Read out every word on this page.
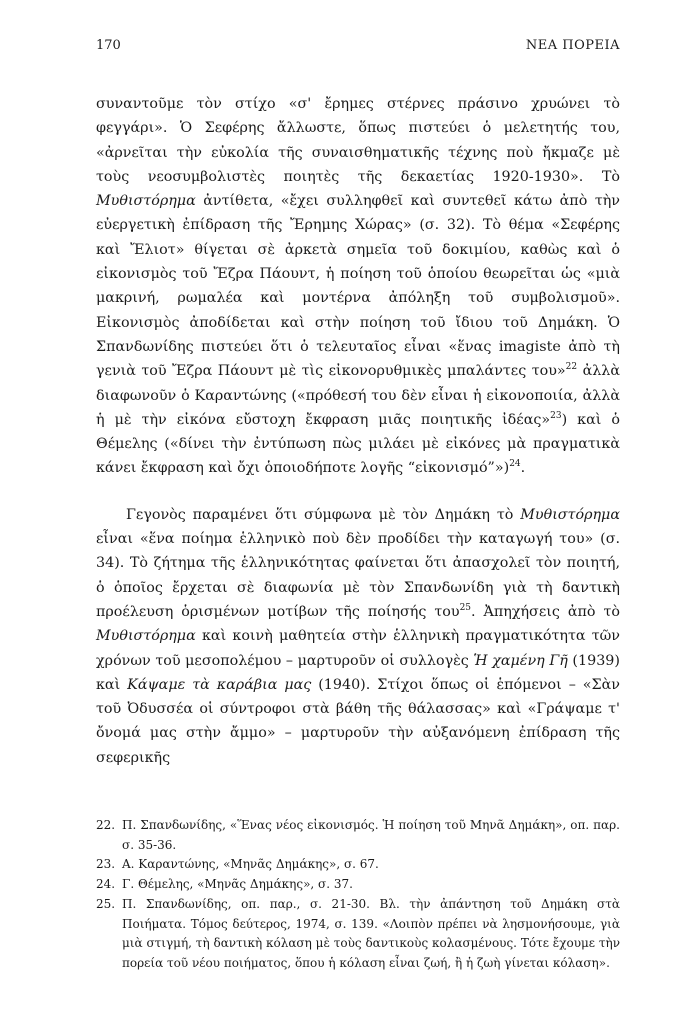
170	ΝΕΑ ΠΟΡΕΙΑ

συναντοῦμε τὸν στίχο «σ' ἔρημες στέρνες πράσινο χρυώνει τὸ φεγγάρι». Ὁ Σεφέρης ἄλλωστε, ὅπως πιστεύει ὁ μελετητής του, «ἀρνεῖται τὴν εὐκολία τῆς συναισθηματικῆς τέχνης ποὺ ἤκμαζε μὲ τοὺς νεοσυμβολιστὲς ποιητὲς τῆς δεκαετίας 1920-1930». Τὸ Μυθιστόρημα ἀντίθετα, «ἔχει συλληφθεῖ καὶ συντεθεῖ κάτω ἀπὸ τὴν εὐεργετικὴ ἐπίδραση τῆς Ἔρημης Χώρας» (σ. 32). Τὸ θέμα «Σεφέρης καὶ Ἔλιοτ» θίγεται σὲ ἀρκετὰ σημεῖα τοῦ δοκιμίου, καθὼς καὶ ὁ εἰκονισμὸς τοῦ Ἔζρα Πάουντ, ἡ ποίηση τοῦ ὁποίου θεωρεῖται ὡς «μιὰ μακρινή, ρωμαλέα καὶ μοντέρνα ἀπόληξη τοῦ συμβολισμοῦ». Εἰκονισμὸς ἀποδίδεται καὶ στὴν ποίηση τοῦ ἴδιου τοῦ Δημάκη. Ὁ Σπανδωνίδης πιστεύει ὅτι ὁ τελευταῖος εἶναι «ἕνας imagiste ἀπὸ τὴ γενιὰ τοῦ Ἔζρα Πάουντ μὲ τὶς εἰκονορυθμικὲς μπαλάντες του»$^{22}$ ἀλλὰ διαφωνοῦν ὁ Καραντώνης («πρόθεσή του δὲν εἶναι ἡ εἰκονοποιία, ἀλλὰ ἡ μὲ τὴν εἰκόνα εὔστοχη ἔκφραση μιᾶς ποιητικῆς ἰδέας»$^{23}$) καὶ ὁ Θέμελης («δίνει τὴν ἐντύπωση πὼς μιλάει μὲ εἰκόνες μὰ πραγματικὰ κάνει ἔκφραση καὶ ὄχι ὁποιοδήποτε λογῆς “εἰκονισμό”»)$^{24}$.

Γεγονὸς παραμένει ὅτι σύμφωνα μὲ τὸν Δημάκη τὸ Μυθιστόρημα εἶναι «ἕνα ποίημα ἑλληνικὸ ποὺ δὲν προδίδει τὴν καταγωγή του» (σ. 34). Τὸ ζήτημα τῆς ἑλληνικότητας φαίνεται ὅτι ἀπασχολεῖ τὸν ποιητή, ὁ ὁποῖος ἔρχεται σὲ διαφωνία μὲ τὸν Σπανδωνίδη γιὰ τὴ δαντικὴ προέλευση ὁρισμένων μοτίβων τῆς ποίησής του$^{25}$. Ἀπηχήσεις ἀπὸ τὸ Μυθιστόρημα καὶ κοινὴ μαθητεία στὴν ἑλληνικὴ πραγματικότητα τῶν χρόνων τοῦ μεσοπολέμου – μαρτυροῦν οἱ συλλογὲς Ἡ χαμένη Γῆ (1939) καὶ Κάψαμε τὰ καράβια μας (1940). Στίχοι ὅπως οἱ ἑπόμενοι – «Σὰν τοῦ Ὀδυσσέα οἱ σύντροφοι στὰ βάθη τῆς θάλασσας» καὶ «Γράψαμε τ' ὄνομά μας στὴν ἄμμο» – μαρτυροῦν τὴν αὐξανόμενη ἐπίδραση τῆς σεφερικῆς

22. Π. Σπανδωνίδης, «Ἕνας νέος εἰκονισμός. Ἡ ποίηση τοῦ Μηνᾶ Δημάκη», οπ. παρ. σ. 35-36.
23. Α. Καραντώνης, «Μηνᾶς Δημάκης», σ. 67.
24. Γ. Θέμελης, «Μηνᾶς Δημάκης», σ. 37.
25. Π. Σπανδωνίδης, οπ. παρ., σ. 21-30. Βλ. τὴν ἀπάντηση τοῦ Δημάκη στὰ Ποιήματα. Τόμος δεύτερος, 1974, σ. 139. «Λοιπὸν πρέπει νὰ λησμονήσουμε, γιὰ μιὰ στιγμή, τὴ δαντικὴ κόλαση μὲ τοὺς δαντικοὺς κολασμένους. Τότε ἔχουμε τὴν πορεία τοῦ νέου ποιήματος, ὅπου ἡ κόλαση εἶναι ζωή, ἢ ἡ ζωὴ γίνεται κόλαση».
